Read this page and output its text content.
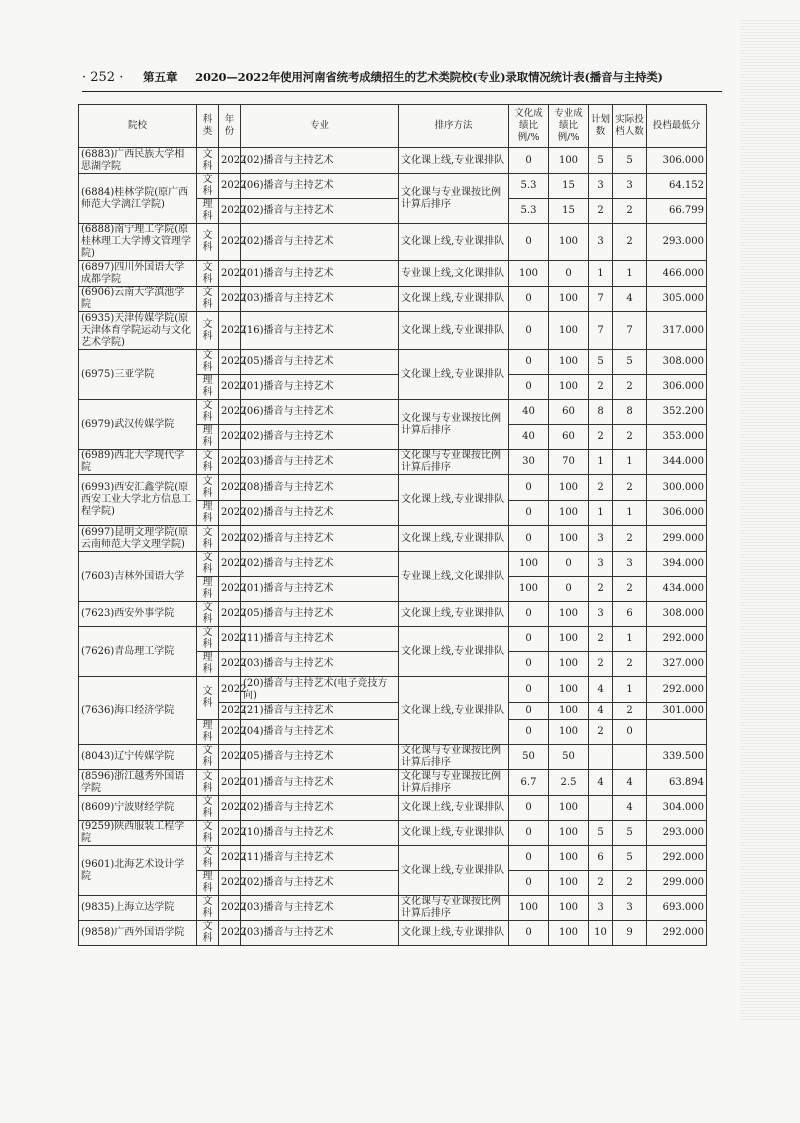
· 252 · 第五章 2020—2022年使用河南省统考成绩招生的艺术类院校(专业)录取情况统计表(播音与主持类)
院校	科类	年份	专业	排序方法	文化成绩比例/%	专业成绩比例/%	计划数	实际投档人数	投档最低分
(6883)广西民族大学相思湖学院	文科	2022	(02)播音与主持艺术	文化课上线,专业课排队	0	100	5	5	306.000
(6884)桂林学院(原广西师范大学漓江学院)	文科	2022	(06)播音与主持艺术	文化课与专业课按比例计算后排序	5.3	15	3	3	64.152
	理科	2022	(02)播音与主持艺术		5.3	15	2	2	66.799
(6888)南宁理工学院(原桂林理工大学博文管理学院)	文科	2022	(02)播音与主持艺术	文化课上线,专业课排队	0	100	3	2	293.000
(6897)四川外国语大学成都学院	文科	2022	(01)播音与主持艺术	专业课上线,文化课排队	100	0	1	1	466.000
(6906)云南大学滇池学院	文科	2022	(03)播音与主持艺术	文化课上线,专业课排队	0	100	7	4	305.000
(6935)天津传媒学院(原天津体育学院运动与文化艺术学院)	文科	2022	(16)播音与主持艺术	文化课上线,专业课排队	0	100	7	7	317.000
(6975)三亚学院	文科	2022	(05)播音与主持艺术	文化课上线,专业课排队	0	100	5	5	308.000
	理科	2022	(01)播音与主持艺术		0	100	2	2	306.000
(6979)武汉传媒学院	文科	2022	(06)播音与主持艺术	文化课与专业课按比例计算后排序	40	60	8	8	352.200
	理科	2022	(02)播音与主持艺术		40	60	2	2	353.000
(6989)西北大学现代学院	文科	2022	(03)播音与主持艺术	文化课与专业课按比例计算后排序	30	70	1	1	344.000
(6993)西安汇鑫学院(原西安工业大学北方信息工程学院)	文科	2022	(08)播音与主持艺术	文化课上线,专业课排队	0	100	2	2	300.000
	理科	2022	(02)播音与主持艺术		0	100	1	1	306.000
(6997)昆明文理学院(原云南师范大学文理学院)	文科	2022	(02)播音与主持艺术	文化课上线,专业课排队	0	100	3	2	299.000
(7603)吉林外国语大学	文科	2022	(02)播音与主持艺术	专业课上线,文化课排队	100	0	3	3	394.000
	理科	2022	(01)播音与主持艺术		100	0	2	2	434.000
(7623)西安外事学院	文科	2022	(05)播音与主持艺术	文化课上线,专业课排队	0	100	3	6	308.000
(7626)青岛理工学院	文科	2022	(11)播音与主持艺术	文化课上线,专业课排队	0	100	2	1	292.000
	理科	2022	(03)播音与主持艺术		0	100	2	2	327.000
(7636)海口经济学院	文科	2022	(20)播音与主持艺术(电子竞技方向)	文化课上线,专业课排队	0	100	4	1	292.000
		2022	(21)播音与主持艺术		0	100	4	2	301.000
	理科	2022	(04)播音与主持艺术		0	100	2	0	
(8043)辽宁传媒学院	文科	2022	(05)播音与主持艺术	文化课与专业课按比例计算后排序	50	50			339.500
(8596)浙江越秀外国语学院	文科	2022	(01)播音与主持艺术	文化课与专业课按比例计算后排序	6.7	2.5	4	4	63.894
(8609)宁波财经学院	文科	2022	(02)播音与主持艺术	文化课上线,专业课排队	0	100		4	304.000
(9259)陕西服装工程学院	文科	2022	(10)播音与主持艺术	文化课上线,专业课排队	0	100	5	5	293.000
(9601)北海艺术设计学院	文科	2022	(11)播音与主持艺术	文化课上线,专业课排队	0	100	6	5	292.000
	理科	2022	(02)播音与主持艺术		0	100	2	2	299.000
(9835)上海立达学院	文科	2022	(03)播音与主持艺术	文化课与专业课按比例计算后排序	100	100	3	3	693.000
(9858)广西外国语学院	文科	2022	(03)播音与主持艺术	文化课上线,专业课排队	0	100	10	9	292.000
